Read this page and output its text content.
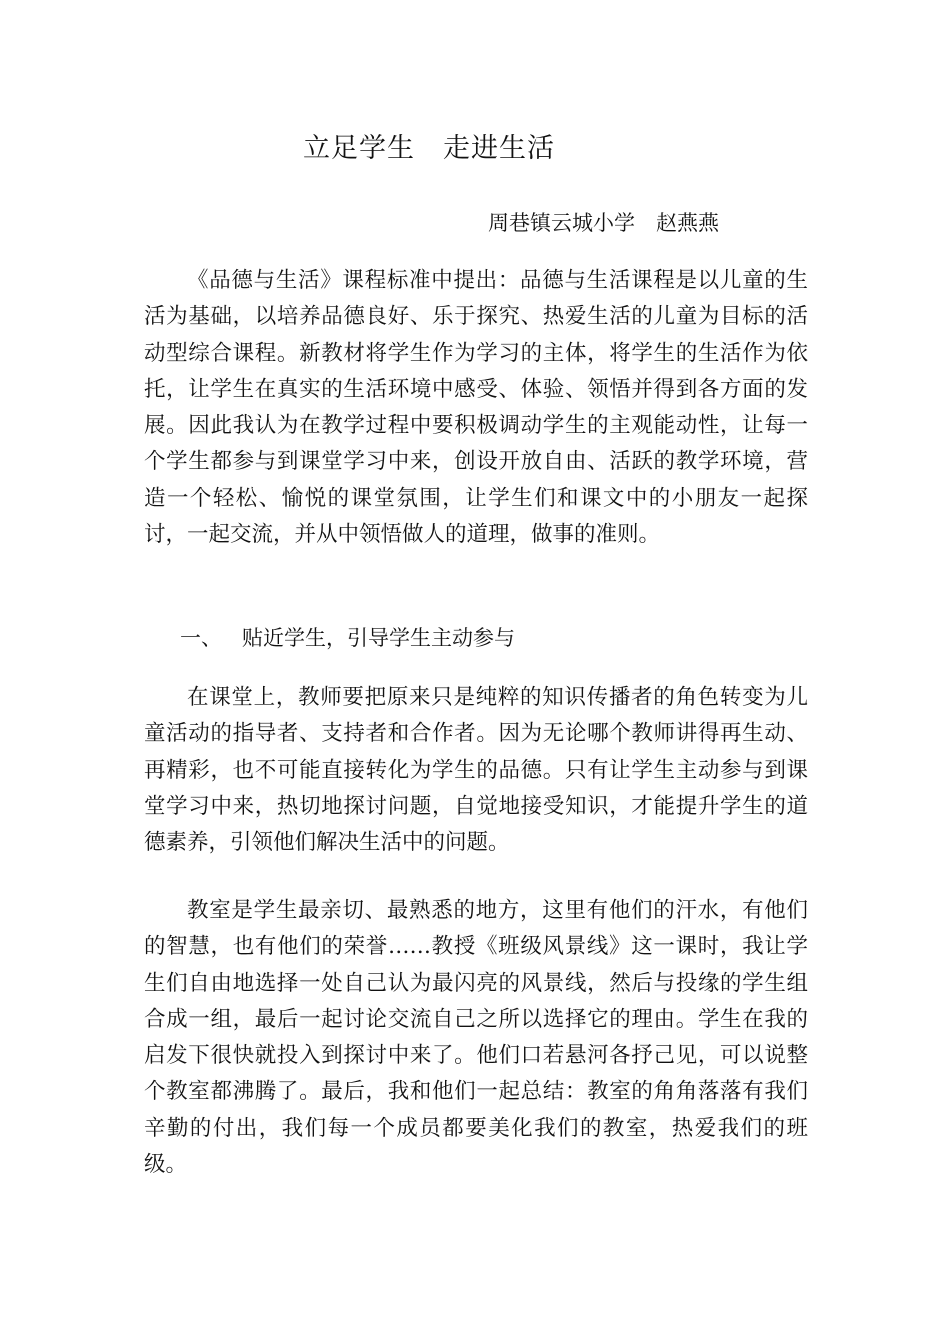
立足学生　走进生活
周巷镇云城小学　赵燕燕

《品德与生活》课程标准中提出：品德与生活课程是以儿童的生活为基础，以培养品德良好、乐于探究、热爱生活的儿童为目标的活动型综合课程。新教材将学生作为学习的主体，将学生的生活作为依托，让学生在真实的生活环境中感受、体验、领悟并得到各方面的发展。因此我认为在教学过程中要积极调动学生的主观能动性，让每一个学生都参与到课堂学习中来，创设开放自由、活跃的教学环境，营造一个轻松、愉悦的课堂氛围，让学生们和课文中的小朋友一起探讨，一起交流，并从中领悟做人的道理，做事的准则。

一、 贴近学生，引导学生主动参与

在课堂上，教师要把原来只是纯粹的知识传播者的角色转变为儿童活动的指导者、支持者和合作者。因为无论哪个教师讲得再生动、再精彩，也不可能直接转化为学生的品德。只有让学生主动参与到课堂学习中来，热切地探讨问题，自觉地接受知识，才能提升学生的道德素养，引领他们解决生活中的问题。

教室是学生最亲切、最熟悉的地方，这里有他们的汗水，有他们的智慧，也有他们的荣誉……教授《班级风景线》这一课时，我让学生们自由地选择一处自己认为最闪亮的风景线，然后与投缘的学生组合成一组，最后一起讨论交流自己之所以选择它的理由。学生在我的启发下很快就投入到探讨中来了。他们口若悬河各抒己见，可以说整个教室都沸腾了。最后，我和他们一起总结：教室的角角落落有我们辛勤的付出，我们每一个成员都要美化我们的教室，热爱我们的班级。
